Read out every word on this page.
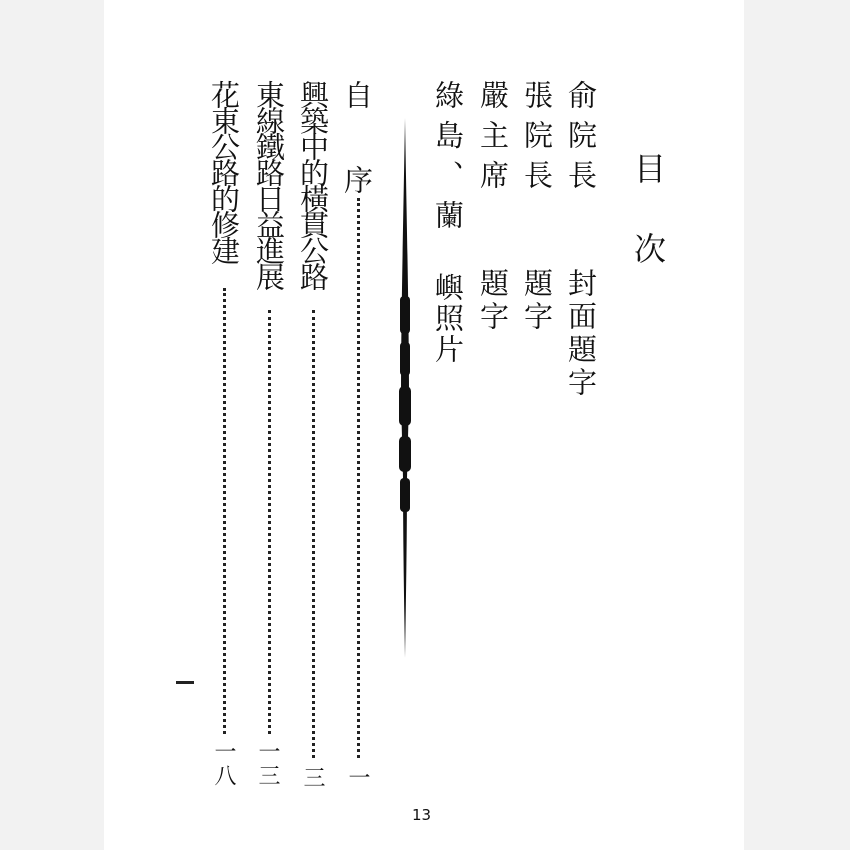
目次
俞院長
封面題字
張院長
題字
嚴主席
題字
綠島、蘭
嶼照片
自序
一
興築中的橫貫公路
三
東線鐵路日益進展
一三
花東公路的修建
一八
13
